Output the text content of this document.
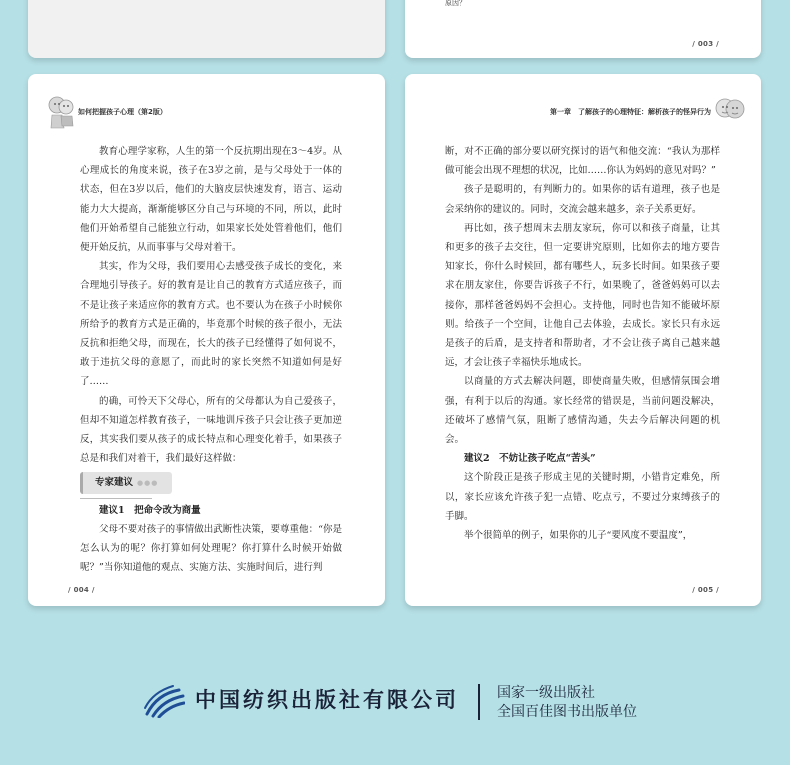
原因？
/ 003 /
如何把握孩子心理（第2版）

教育心理学家称，人生的第一个反抗期出现在3～4岁。从心理成长的角度来说，孩子在3岁之前，是与父母处于一体的状态，但在3岁以后，他们的大脑皮层快速发育，语言、运动能力大大提高，渐渐能够区分自己与环境的不同，所以，此时他们开始希望自己能独立行动，如果家长处处管着他们，他们便开始反抗，从而事事与父母对着干。

其实，作为父母，我们要用心去感受孩子成长的变化，来合理地引导孩子。好的教育是让自己的教育方式适应孩子，而不是让孩子来适应你的教育方式。也不要认为在孩子小时候你所给予的教育方式是正确的，毕竟那个时候的孩子很小，无法反抗和拒绝父母，而现在，长大的孩子已经懂得了如何说不，敢于违抗父母的意愿了，而此时的家长突然不知道如何是好了……

的确，可怜天下父母心，所有的父母都认为自己爱孩子，但却不知道怎样教育孩子，一味地训斥孩子只会让孩子更加逆反，其实我们要从孩子的成长特点和心理变化着手，如果孩子总是和我们对着干，我们最好这样做：

专家建议 ●●●

建议1　把命令改为商量

父母不要对孩子的事情做出武断性决策，要尊重他：“你是怎么认为的呢？你打算如何处理呢？你打算什么时候开始做呢？”当你知道他的观点、实施方法、实施时间后，进行判

/ 004 /
第一章　了解孩子的心理特征：解析孩子的怪异行为

断，对不正确的部分要以研究探讨的语气和他交流：“我认为那样做可能会出现不理想的状况，比如……你认为妈妈的意见对吗？”

孩子是聪明的，有判断力的。如果你的话有道理，孩子也是会采纳你的建议的。同时，交流会越来越多，亲子关系更好。

再比如，孩子想周末去朋友家玩，你可以和孩子商量，让其和更多的孩子去交往，但一定要讲究原则，比如你去的地方要告知家长，你什么时候回，都有哪些人，玩多长时间。如果孩子要求在朋友家住，你要告诉孩子不行，如果晚了，爸爸妈妈可以去接你，那样爸爸妈妈不会担心。支持他，同时也告知不能破坏原则。给孩子一个空间，让他自己去体验，去成长。家长只有永远是孩子的后盾，是支持者和帮助者，才不会让孩子离自己越来越远，才会让孩子幸福快乐地成长。

以商量的方式去解决问题，即使商量失败，但感情氛围会增强，有利于以后的沟通。家长经常的错误是，当前问题没解决，还破坏了感情气氛，阻断了感情沟通，失去今后解决问题的机会。

建议2　不妨让孩子吃点“苦头”

这个阶段正是孩子形成主见的关键时期，小错肯定难免，所以，家长应该允许孩子犯一点错、吃点亏，不要过分束缚孩子的手脚。

举个很简单的例子，如果你的儿子“要风度不要温度”，

/ 005 /
中国纺织出版社有限公司	国家一级出版社
全国百佳图书出版单位
